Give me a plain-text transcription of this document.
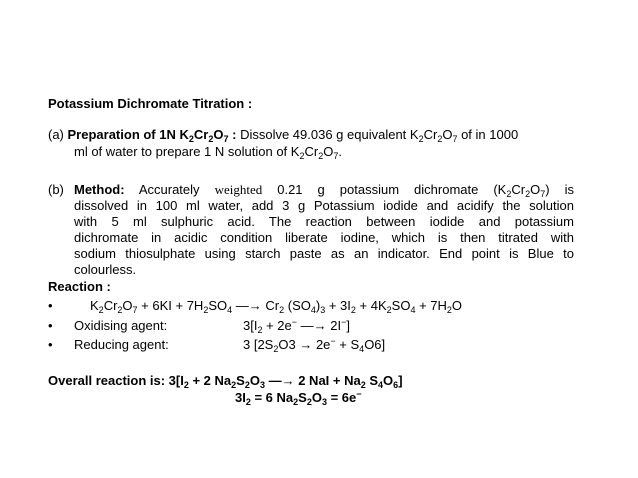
Potassium Dichromate Titration :
(a) Preparation of 1N $K_2Cr_2O_7$ : Dissolve 49.036 g equivalent $K_2Cr_2O_7$ of in 1000
ml of water to prepare 1 N solution of $K_2Cr_2O_7$.
(b) Method: Accurately weighted 0.21 g potassium dichromate $(K_2Cr_2O_7)$ is
dissolved in 100 ml water, add 3 g Potassium iodide and acidify the solution
with 5 ml sulphuric acid. The reaction between iodide and potassium
dichromate in acidic condition liberate iodine, which is then titrated with
sodium thiosulphate using starch paste as an indicator. End point is Blue to
colourless.
Reaction :
•	$K_2Cr_2O_7 + 6KI + 7H_2SO_4$ —→ $Cr_2$ $(SO_4)_3 + 3I_2 + 4K_2SO_4 + 7H_2O$
• Oxidising agent:	$3[I_2 + 2e^-$ —→ 2I−]
• Reducing agent:	3 $[2S_2O3 \to 2e^- + S_4O6]$
Overall reaction is: $3[I_2 + 2$ $Na_2S_2O_3$ —→ 2 NaI + $Na_2$ $S_4O_6$]
$3I_2 = 6$ $Na_2S_2O_3 = 6e^-$
